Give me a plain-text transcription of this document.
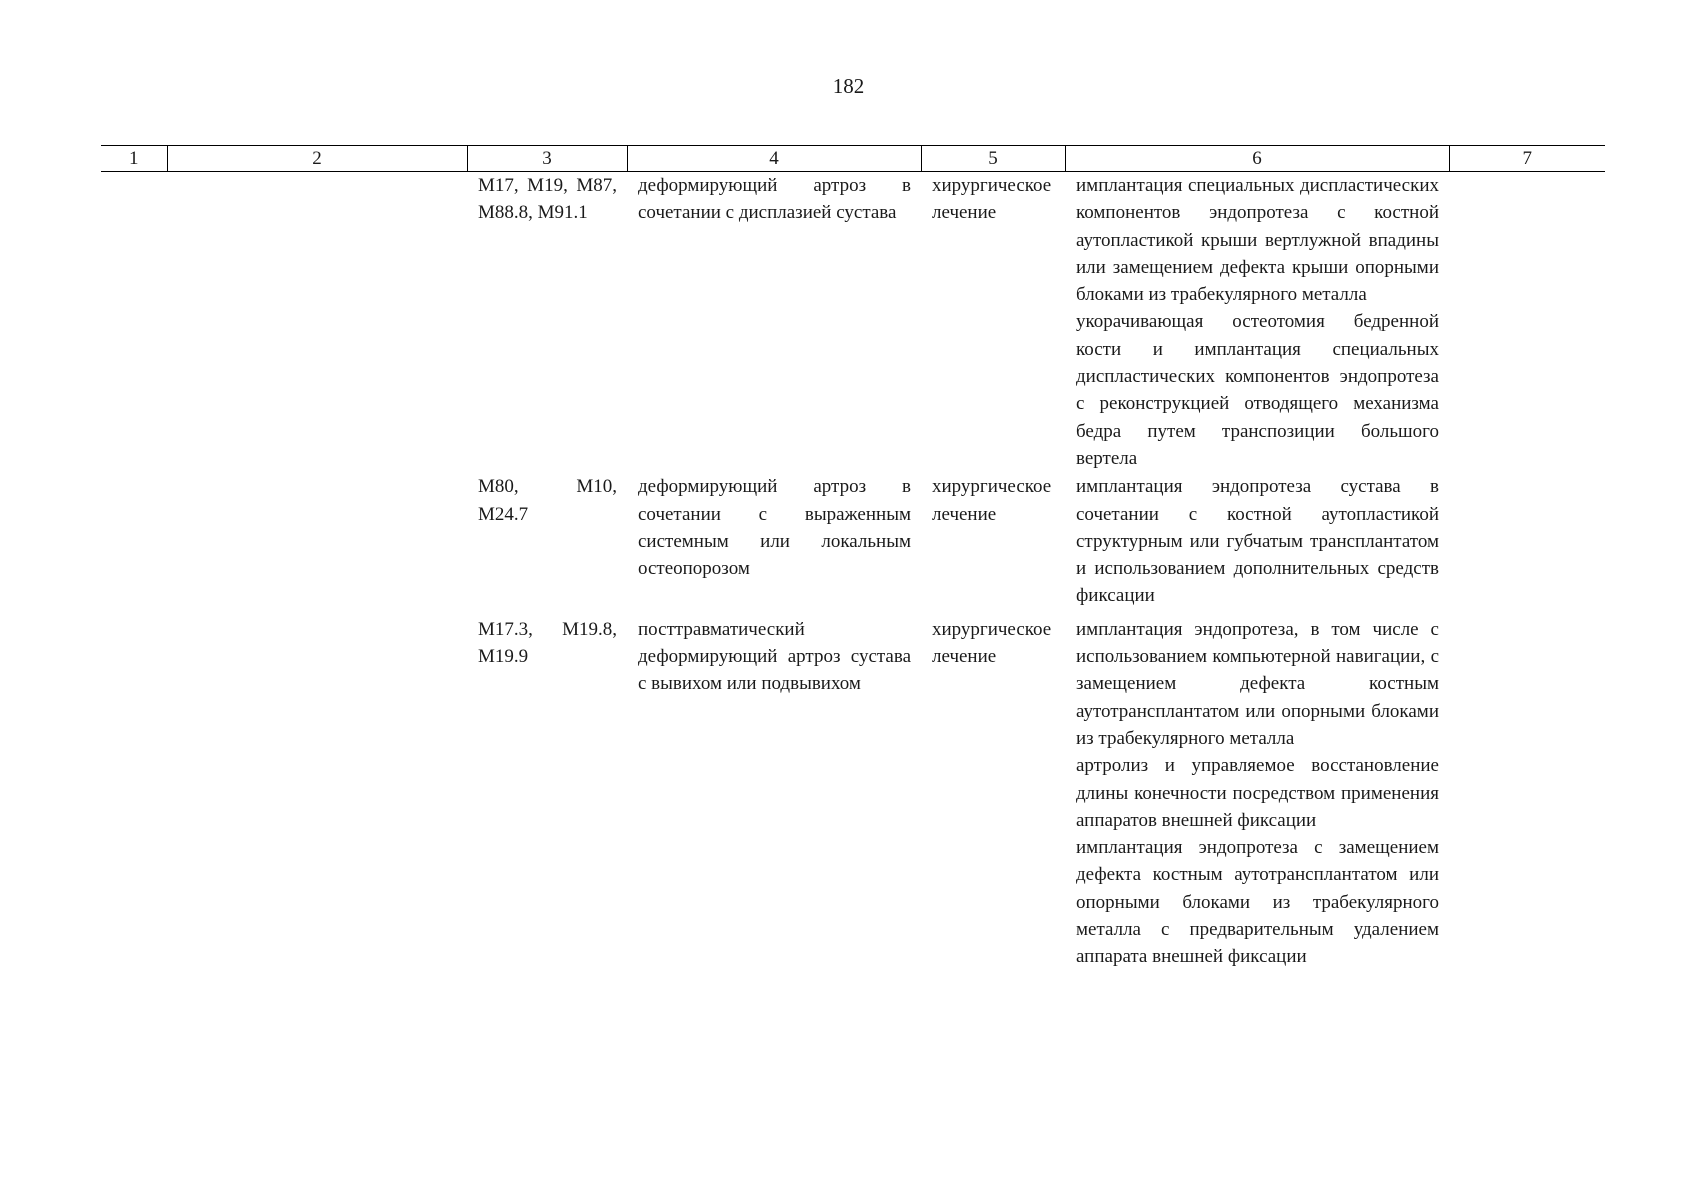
182
1	2	3	4	5	6	7
		M17, M19, M87, M88.8, M91.1	деформирующий артроз в сочетании с дисплазией сустава	хирургическое лечение	имплантация специальных диспластических компонентов эндопротеза с костной аутопластикой крыши вертлужной впадины или замещением дефекта крыши опорными блоками из трабекулярного металла
укорачивающая остеотомия бедренной кости и имплантация специальных диспластических компонентов эндопротеза с реконструкцией отводящего механизма бедра путем транспозиции большого вертела	

		M80, M10, M24.7	деформирующий артроз в сочетании с выраженным системным или локальным остеопорозом	хирургическое лечение	имплантация эндопротеза сустава в сочетании с костной аутопластикой структурным или губчатым трансплантатом и использованием дополнительных средств фиксации	

		M17.3, M19.8, M19.9	посттравматический деформирующий артроз сустава с вывихом или подвывихом	хирургическое лечение	имплантация эндопротеза, в том числе с использованием компьютерной навигации, с замещением дефекта костным аутотрансплантатом или опорными блоками из трабекулярного металла
артролиз и управляемое восстановление длины конечности посредством применения аппаратов внешней фиксации
имплантация эндопротеза с замещением дефекта костным аутотрансплантатом или опорными блоками из трабекулярного металла с предварительным удалением аппарата внешней фиксации	
